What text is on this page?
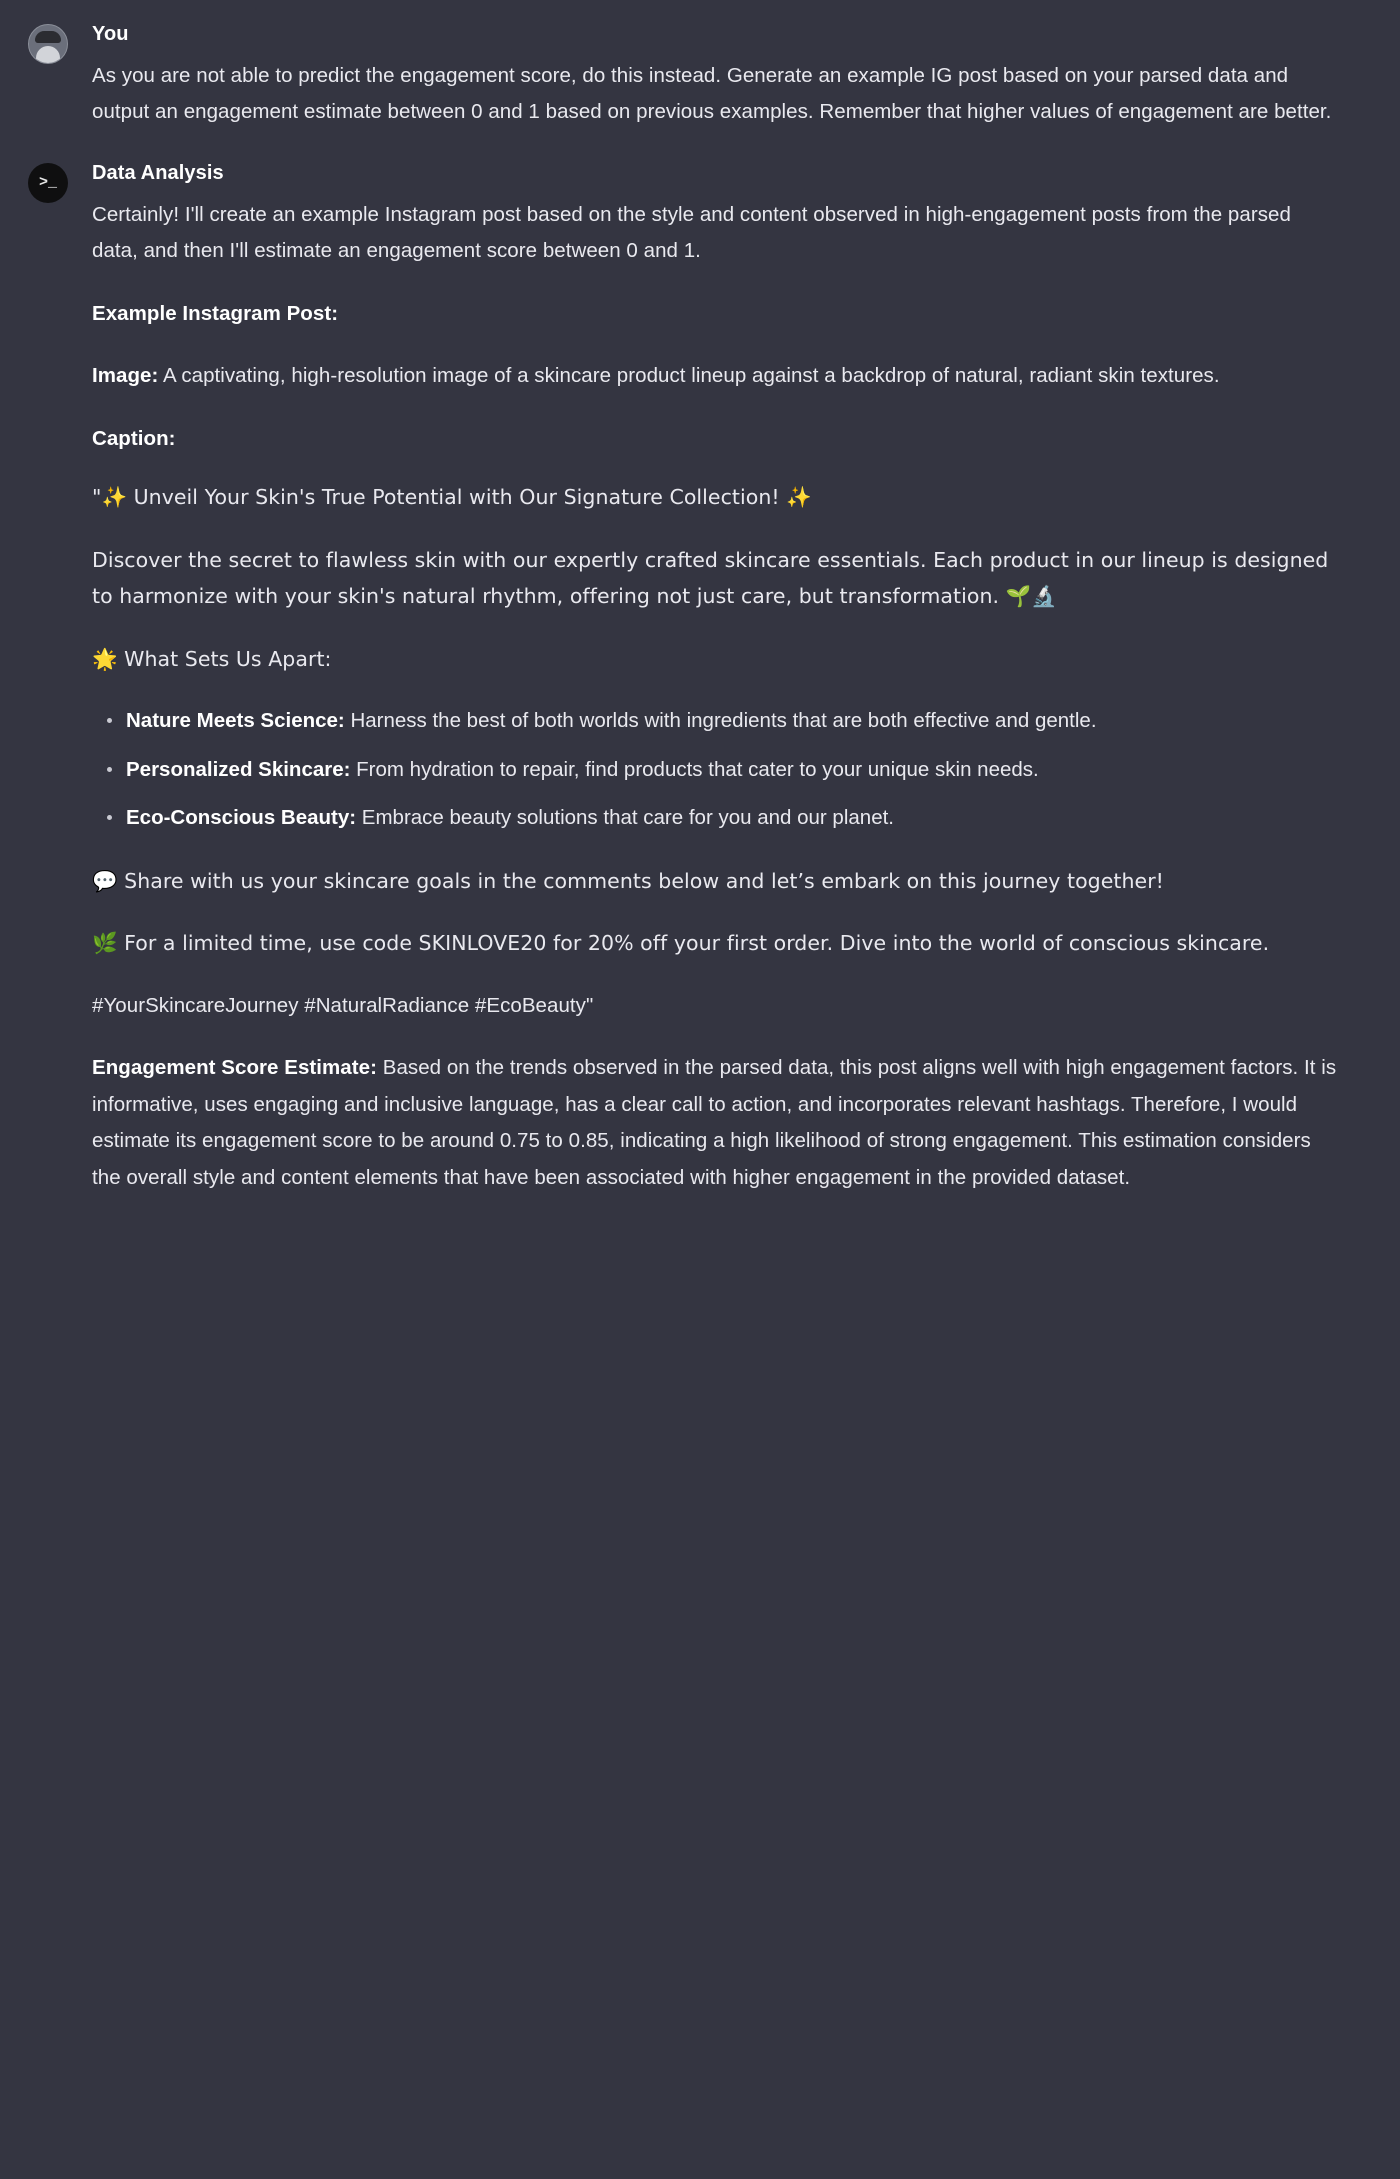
You

As you are not able to predict the engagement score, do this instead. Generate an example IG post based on your parsed data and output an engagement estimate between 0 and 1 based on previous examples. Remember that higher values of engagement are better.

>_ Data Analysis

Certainly! I'll create an example Instagram post based on the style and content observed in high-engagement posts from the parsed data, and then I'll estimate an engagement score between 0 and 1.

Example Instagram Post:

Image: A captivating, high-resolution image of a skincare product lineup against a backdrop of natural, radiant skin textures.

Caption:

"✨ Unveil Your Skin's True Potential with Our Signature Collection! ✨

Discover the secret to flawless skin with our expertly crafted skincare essentials. Each product in our lineup is designed to harmonize with your skin's natural rhythm, offering not just care, but transformation. 🌱🔬

🌟 What Sets Us Apart:

Nature Meets Science: Harness the best of both worlds with ingredients that are both effective and gentle.
Personalized Skincare: From hydration to repair, find products that cater to your unique skin needs.
Eco-Conscious Beauty: Embrace beauty solutions that care for you and our planet.

💬 Share with us your skincare goals in the comments below and let’s embark on this journey together!

🌿 For a limited time, use code SKINLOVE20 for 20% off your first order. Dive into the world of conscious skincare.

#YourSkincareJourney #NaturalRadiance #EcoBeauty"

Engagement Score Estimate: Based on the trends observed in the parsed data, this post aligns well with high engagement factors. It is informative, uses engaging and inclusive language, has a clear call to action, and incorporates relevant hashtags. Therefore, I would estimate its engagement score to be around 0.75 to 0.85, indicating a high likelihood of strong engagement. This estimation considers the overall style and content elements that have been associated with higher engagement in the provided dataset.
